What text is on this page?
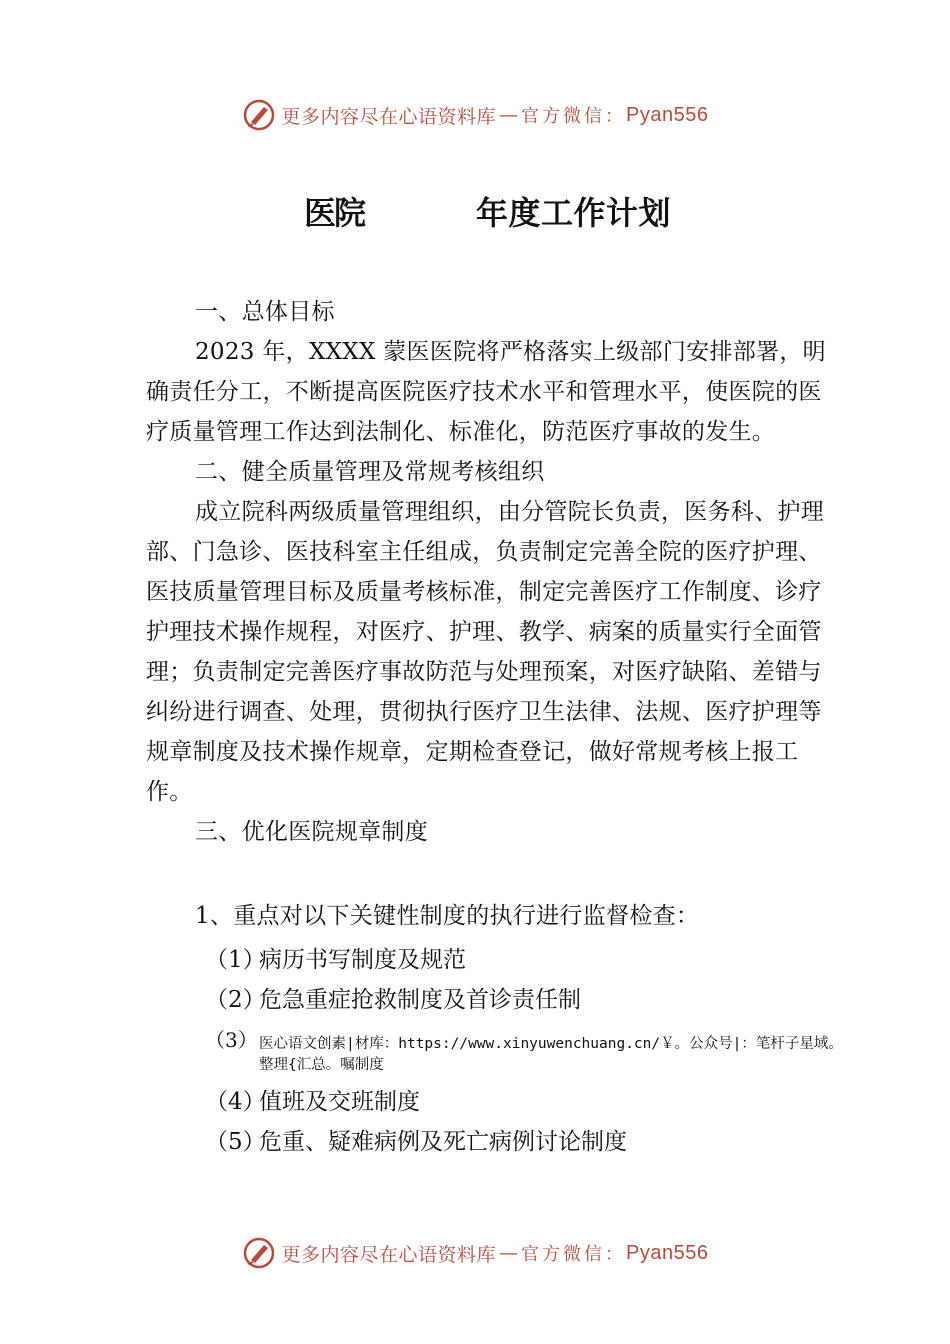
更多内容尽在心语资料库 — 官方微信： Pyan556
医院	年度工作计划

一、总体目标

2023 年，XXXX 蒙医医院将严格落实上级部门安排部署，明确责任分工，不断提高医院医疗技术水平和管理水平，使医院的医疗质量管理工作达到法制化、标准化，防范医疗事故的发生。

二、健全质量管理及常规考核组织

成立院科两级质量管理组织，由分管院长负责，医务科、护理部、门急诊、医技科室主任组成，负责制定完善全院的医疗护理、医技质量管理目标及质量考核标准，制定完善医疗工作制度、诊疗护理技术操作规程，对医疗、护理、教学、病案的质量实行全面管理；负责制定完善医疗事故防范与处理预案，对医疗缺陷、差错与纠纷进行调查、处理，贯彻执行医疗卫生法律、法规、医疗护理等规章制度及技术操作规章，定期检查登记，做好常规考核上报工作。

三、优化医院规章制度

1、重点对以下关键性制度的执行进行监督检查：

（1）病历书写制度及规范
（2）危急重症抢救制度及首诊责任制
（3） 医心语文创素|材库：https://www.xinyuwenchuang.cn/￥。公众号|：笔杆子星域。整理{汇总。嘱制度
（4）值班及交班制度
（5）危重、疑难病例及死亡病例讨论制度
更多内容尽在心语资料库 — 官方微信： Pyan556
